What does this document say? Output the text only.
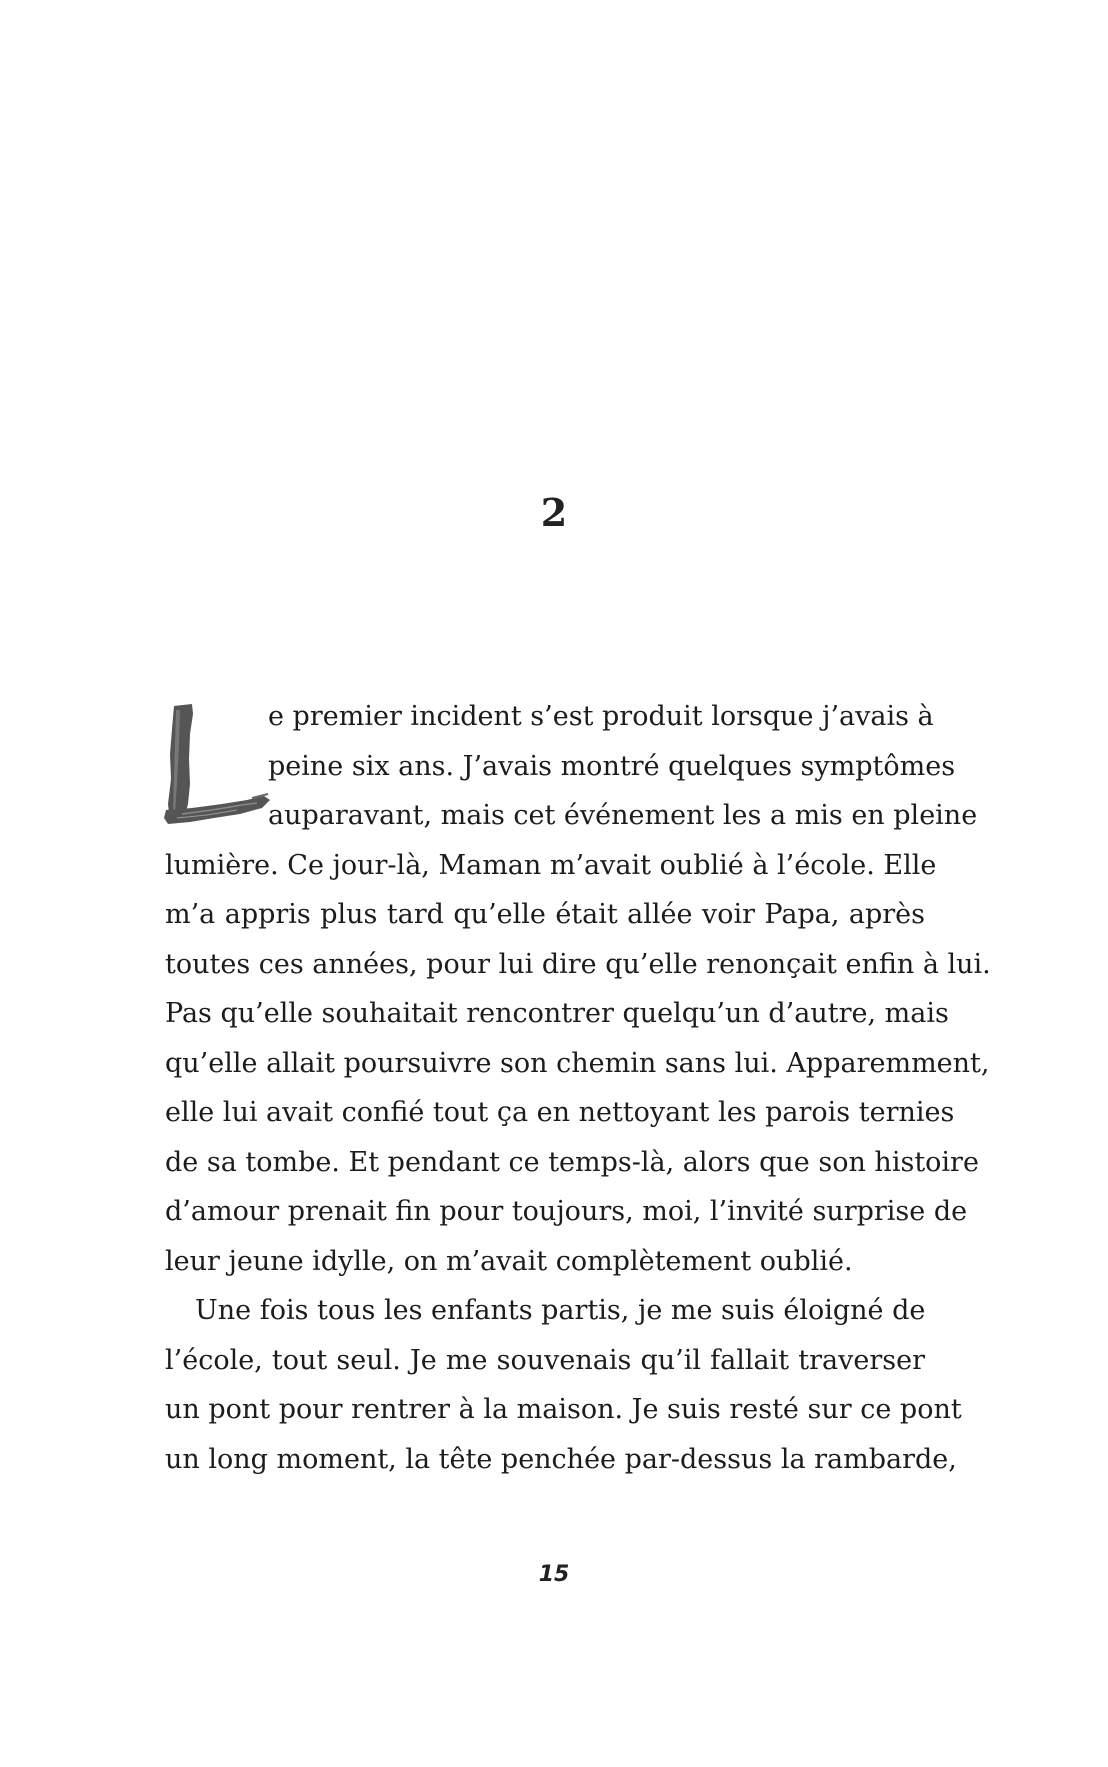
2
e premier incident s’est produit lorsque j’avais à
peine six ans. J’avais montré quelques symptômes
auparavant, mais cet événement les a mis en pleine
lumière. Ce jour-là, Maman m’avait oublié à l’école. Elle
m’a appris plus tard qu’elle était allée voir Papa, après
toutes ces années, pour lui dire qu’elle renonçait enfin à lui.
Pas qu’elle souhaitait rencontrer quelqu’un d’autre, mais
qu’elle allait poursuivre son chemin sans lui. Apparemment,
elle lui avait confié tout ça en nettoyant les parois ternies
de sa tombe. Et pendant ce temps-là, alors que son histoire
d’amour prenait fin pour toujours, moi, l’invité surprise de
leur jeune idylle, on m’avait complètement oublié.
Une fois tous les enfants partis, je me suis éloigné de
l’école, tout seul. Je me souvenais qu’il fallait traverser
un pont pour rentrer à la maison. Je suis resté sur ce pont
un long moment, la tête penchée par-dessus la rambarde,
15
